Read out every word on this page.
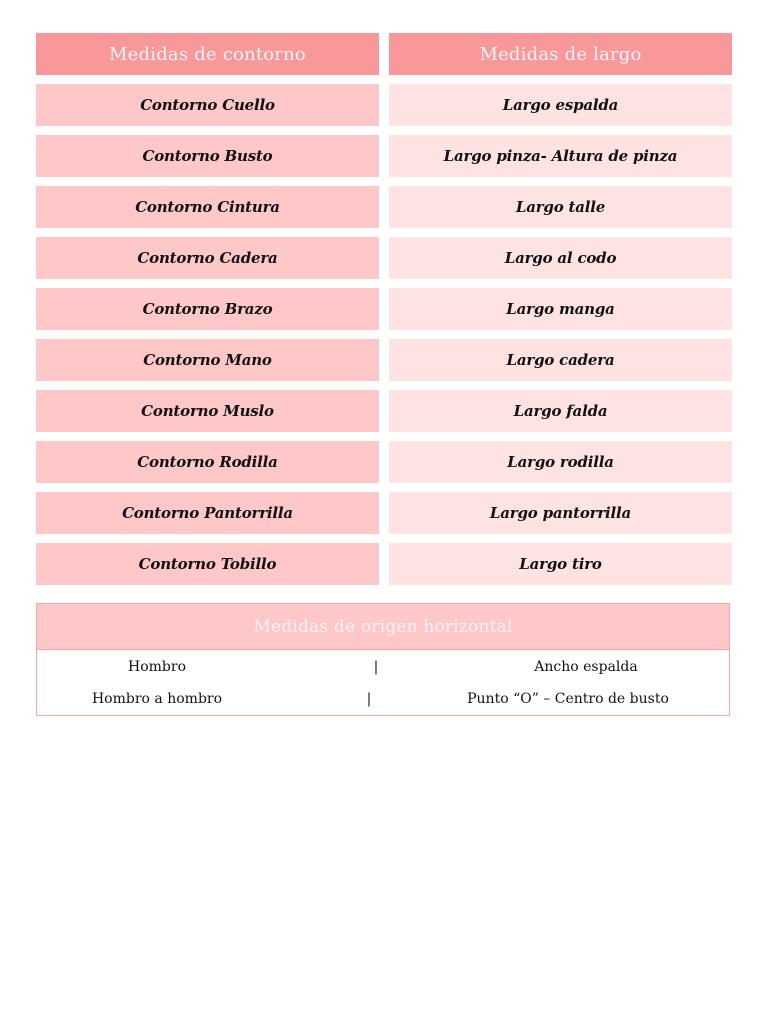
Medidas de contorno	Medidas de largo
Contorno Cuello	Largo espalda
Contorno Busto	Largo pinza- Altura de pinza
Contorno Cintura	Largo talle
Contorno Cadera	Largo al codo
Contorno Brazo	Largo manga
Contorno Mano	Largo cadera
Contorno Muslo	Largo falda
Contorno Rodilla	Largo rodilla
Contorno Pantorrilla	Largo pantorrilla
Contorno Tobillo	Largo tiro
Medidas de origen horizontal
Hombro	|	Ancho espalda
Hombro a hombro	|	Punto “O” – Centro de busto
